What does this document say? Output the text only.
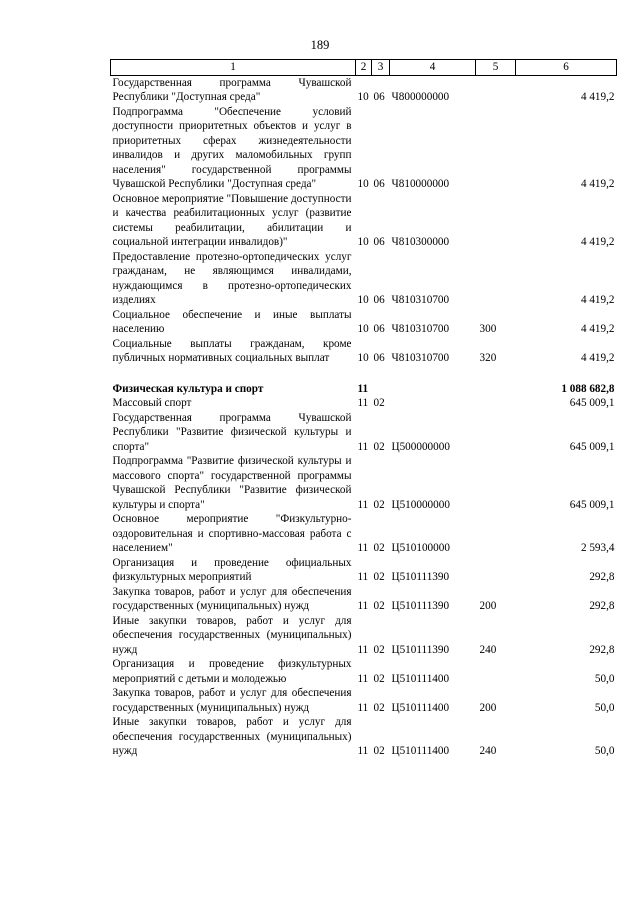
189
1	2	3	4	5	6
Государственная программа Чувашской Республики "Доступная среда"	10	06	Ч800000000		4 419,2
Подпрограмма "Обеспечение условий доступности приоритетных объектов и услуг в приоритетных сферах жизнедеятельности инвалидов и других маломобильных групп населения" государственной программы Чувашской Республики "Доступная среда"	10	06	Ч810000000		4 419,2
Основное мероприятие "Повышение доступности и качества реабилитационных услуг (развитие системы реабилитации, абилитации и социальной интеграции инвалидов)"	10	06	Ч810300000		4 419,2
Предоставление протезно-ортопедических услуг гражданам, не являющимся инвалидами, нуждающимся в протезно-ортопедических изделиях	10	06	Ч810310700		4 419,2
Социальное обеспечение и иные выплаты населению	10	06	Ч810310700	300	4 419,2
Социальные выплаты гражданам, кроме публичных нормативных социальных выплат	10	06	Ч810310700	320	4 419,2

Физическая культура и спорт	11				1 088 682,8
Массовый спорт	11	02			645 009,1
Государственная программа Чувашской Республики "Развитие физической культуры и спорта"	11	02	Ц500000000		645 009,1
Подпрограмма "Развитие физической культуры и массового спорта" государственной программы Чувашской Республики "Развитие физической культуры и спорта"	11	02	Ц510000000		645 009,1
Основное мероприятие "Физкультурно-оздоровительная и спортивно-массовая работа с населением"	11	02	Ц510100000		2 593,4
Организация и проведение официальных физкультурных мероприятий	11	02	Ц510111390		292,8
Закупка товаров, работ и услуг для обеспечения государственных (муниципальных) нужд	11	02	Ц510111390	200	292,8
Иные закупки товаров, работ и услуг для обеспечения государственных (муниципальных) нужд	11	02	Ц510111390	240	292,8
Организация и проведение физкультурных мероприятий с детьми и молодежью	11	02	Ц510111400		50,0
Закупка товаров, работ и услуг для обеспечения государственных (муниципальных) нужд	11	02	Ц510111400	200	50,0
Иные закупки товаров, работ и услуг для обеспечения государственных (муниципальных) нужд	11	02	Ц510111400	240	50,0
